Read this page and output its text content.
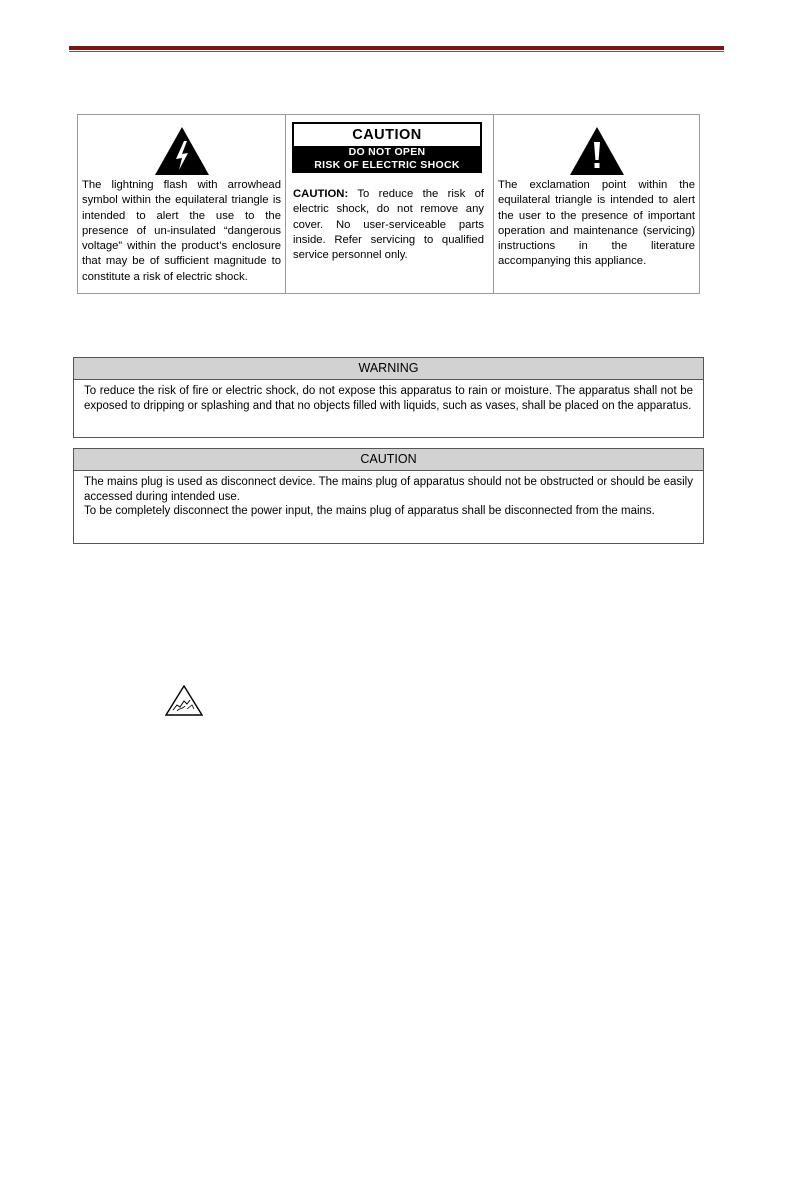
The lightning flash with arrowhead symbol within the equilateral triangle is intended to alert the use to the presence of un-insulated “dangerous voltage” within the product’s enclosure that may be of sufficient magnitude to constitute a risk of electric shock.
CAUTION
DO NOT OPEN
RISK OF ELECTRIC SHOCK
CAUTION: To reduce the risk of electric shock, do not remove any cover. No user-serviceable parts inside. Refer servicing to qualified service personnel only.
The exclamation point within the equilateral triangle is intended to alert the user to the presence of important operation and maintenance (servicing) instructions in the literature accompanying this appliance.
WARNING
To reduce the risk of fire or electric shock, do not expose this apparatus to rain or moisture. The apparatus shall not be exposed to dripping or splashing and that no objects filled with liquids, such as vases, shall be placed on the apparatus.
CAUTION
The mains plug is used as disconnect device. The mains plug of apparatus should not be obstructed or should be easily accessed during intended use.
To be completely disconnect the power input, the mains plug of apparatus shall be disconnected from the mains.
